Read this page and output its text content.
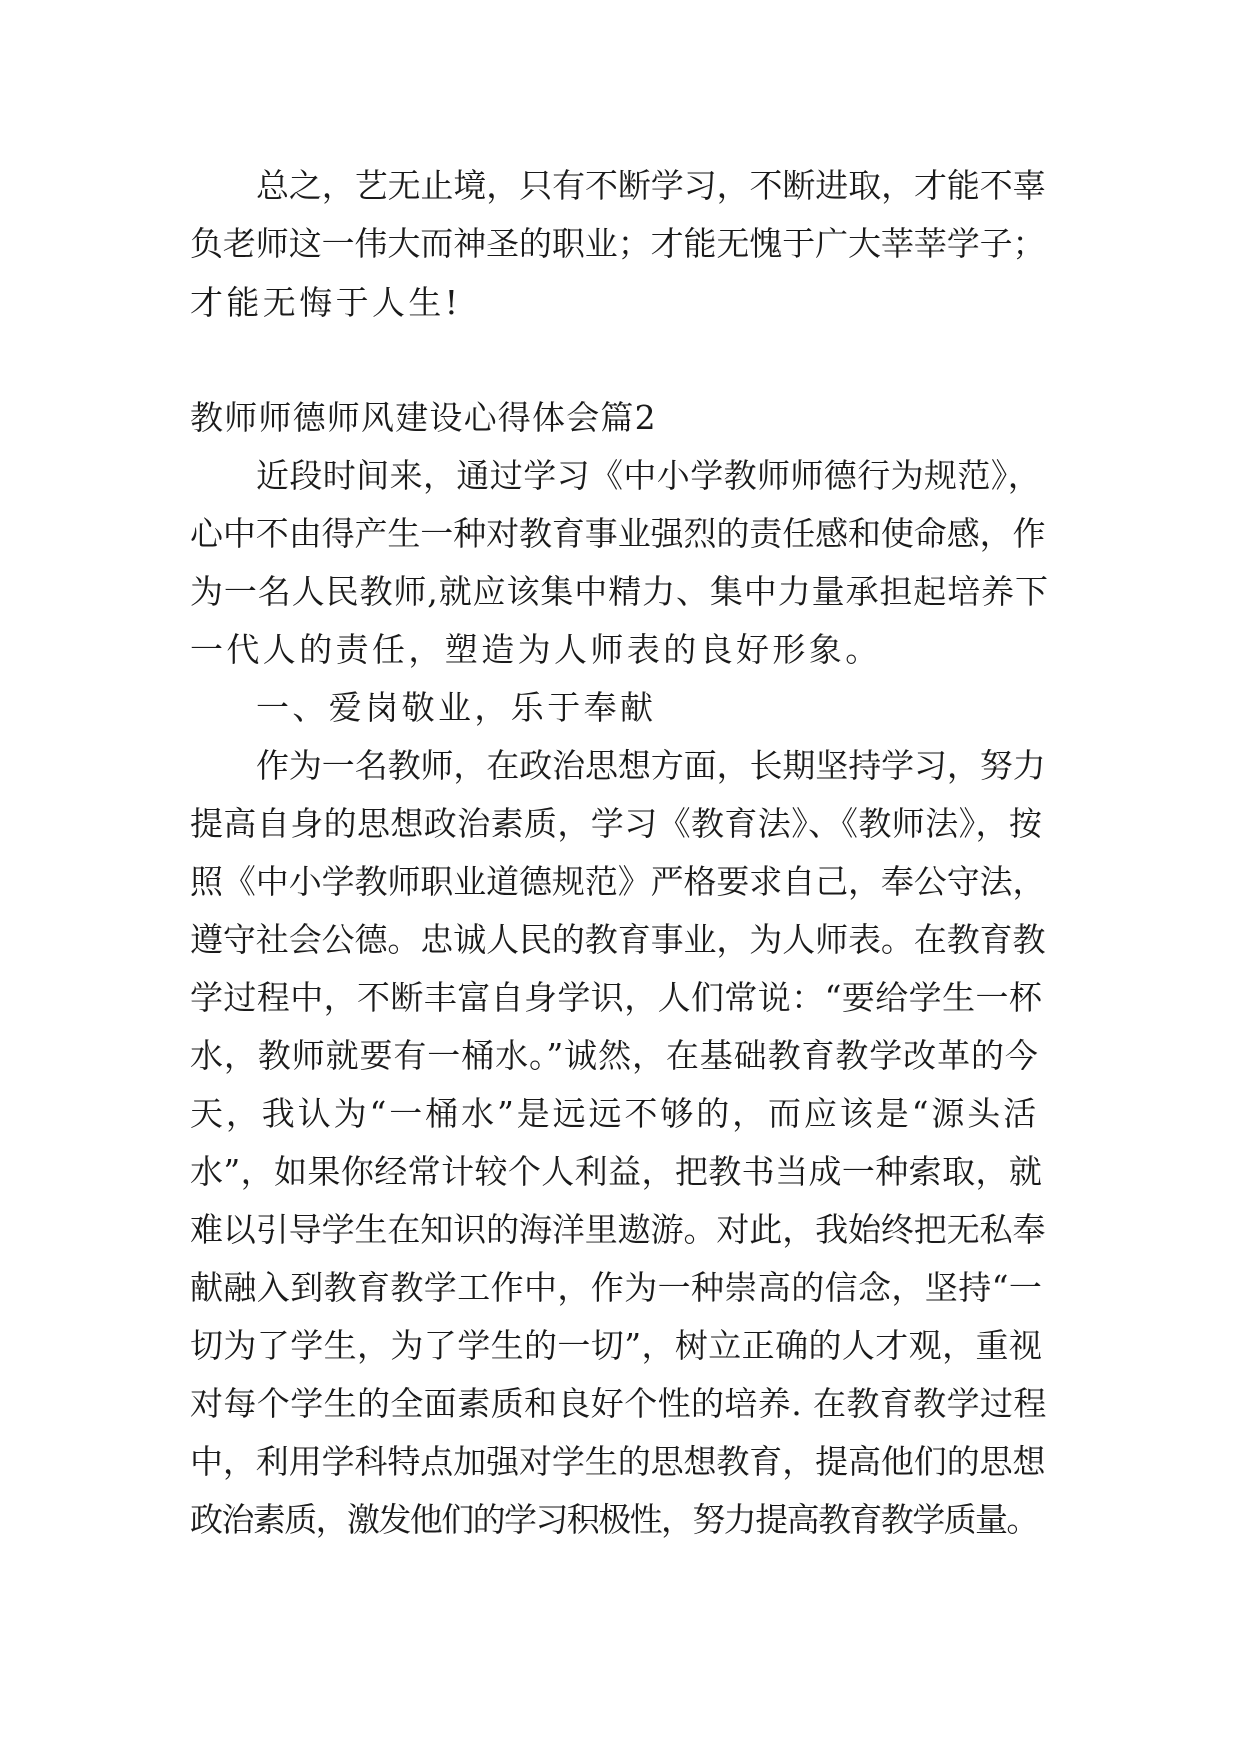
总之，艺无止境，只有不断学习，不断进取，才能不辜
负老师这一伟大而神圣的职业；才能无愧于广大莘莘学子；
才能无悔于人生!
教师师德师风建设心得体会篇2
近段时间来，通过学习《中小学教师师德行为规范》，
心中不由得产生一种对教育事业强烈的责任感和使命感，作
为一名人民教师,就应该集中精力、集中力量承担起培养下
一代人的责任，塑造为人师表的良好形象。
一、爱岗敬业，乐于奉献
作为一名教师，在政治思想方面，长期坚持学习，努力
提高自身的思想政治素质，学习《教育法》、《教师法》，按
照《中小学教师职业道德规范》严格要求自己，奉公守法，
遵守社会公德。忠诚人民的教育事业，为人师表。在教育教
学过程中，不断丰富自身学识，人们常说：“要给学生一杯
水，教师就要有一桶水。”诚然，在基础教育教学改革的今
天，我认为“一桶水”是远远不够的，而应该是“源头活
水”，如果你经常计较个人利益，把教书当成一种索取，就
难以引导学生在知识的海洋里遨游。对此，我始终把无私奉
献融入到教育教学工作中，作为一种崇高的信念，坚持“一
切为了学生，为了学生的一切”，树立正确的人才观，重视
对每个学生的全面素质和良好个性的培养. 在教育教学过程
中，利用学科特点加强对学生的思想教育，提高他们的思想
政治素质，激发他们的学习积极性，努力提高教育教学质量。
